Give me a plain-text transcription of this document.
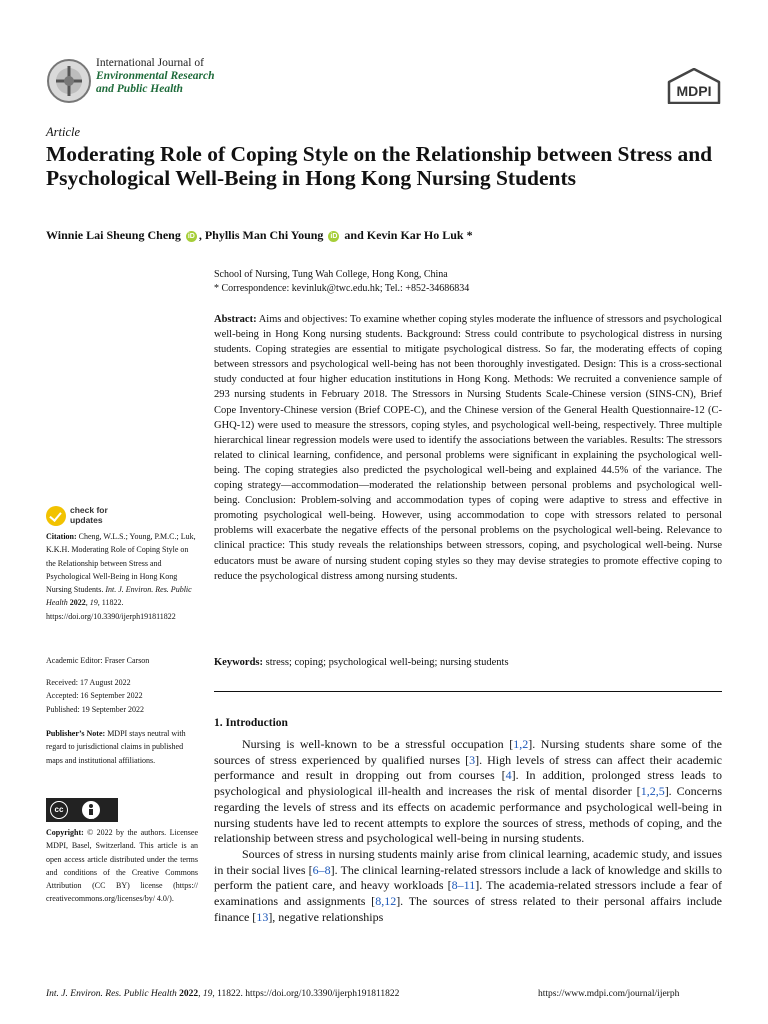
International Journal of
Environmental Research
and Public Health	MDPI
Article
Moderating Role of Coping Style on the Relationship between Stress and Psychological Well-Being in Hong Kong Nursing Students
Winnie Lai Sheung Cheng iD , Phyllis Man Chi Young iD and Kevin Kar Ho Luk *
School of Nursing, Tung Wah College, Hong Kong, China
* Correspondence: kevinluk@twc.edu.hk; Tel.: +852-34686834
Abstract: Aims and objectives: To examine whether coping styles moderate the influence of stressors and psychological well-being in Hong Kong nursing students. Background: Stress could contribute to psychological distress in nursing students. Coping strategies are essential to mitigate psychological distress. So far, the moderating effects of coping between stressors and psychological well-being has not been thoroughly investigated. Design: This is a cross-sectional study conducted at four higher education institutions in Hong Kong. Methods: We recruited a convenience sample of 293 nursing students in February 2018. The Stressors in Nursing Students Scale-Chinese version (SINS-CN), Brief Cope Inventory-Chinese version (Brief COPE-C), and the Chinese version of the General Health Questionnaire-12 (C-GHQ-12) were used to measure the stressors, coping styles, and psychological well-being, respectively. Three multiple hierarchical linear regression models were used to identify the associations between the variables. Results: The stressors related to clinical learning, confidence, and personal problems were significant in explaining the psychological well-being. The coping strategies also predicted the psychological well-being and explained 44.5% of the variance. The coping strategy—accommodation—moderated the relationship between personal problems and psychological well-being. Conclusion: Problem-solving and accommodation types of coping were adaptive to stress and effective in promoting psychological well-being. However, using accommodation to cope with stressors related to personal problems will exacerbate the negative effects of the personal problems on the psychological well-being. Relevance to clinical practice: This study reveals the relationships between stressors, coping, and psychological well-being. Nurse educators must be aware of nursing student coping styles so they may devise strategies to promote effective coping to reduce the psychological distress among nursing students.
Keywords: stress; coping; psychological well-being; nursing students
check for
updates
Citation: Cheng, W.L.S.; Young, P.M.C.; Luk, K.K.H. Moderating Role of Coping Style on the Relationship between Stress and Psychological Well-Being in Hong Kong Nursing Students. Int. J. Environ. Res. Public Health 2022, 19, 11822. https://doi.org/10.3390/ijerph191811822
Academic Editor: Fraser Carson
Received: 17 August 2022
Accepted: 16 September 2022
Published: 19 September 2022
Publisher’s Note: MDPI stays neutral with regard to jurisdictional claims in published maps and institutional affiliations.
cc
BY
Copyright: © 2022 by the authors. Licensee MDPI, Basel, Switzerland. This article is an open access article distributed under the terms and conditions of the Creative Commons Attribution (CC BY) license (https:// creativecommons.org/licenses/by/ 4.0/).
1. Introduction

Nursing is well-known to be a stressful occupation [1,2]. Nursing students share some of the sources of stress experienced by qualified nurses [3]. High levels of stress can affect their academic performance and result in dropping out from courses [4]. In addition, prolonged stress leads to psychological and physiological ill-health and increases the risk of mental disorder [1,2,5]. Concerns regarding the levels of stress and its effects on academic performance and psychological well-being in nursing students have led to recent attempts to explore the sources of stress, methods of coping, and the relationship between stress and psychological well-being in nursing students.

Sources of stress in nursing students mainly arise from clinical learning, academic study, and issues in their social lives [6–8]. The clinical learning-related stressors include a lack of knowledge and skills to perform the patient care, and heavy workloads [8–11]. The academia-related stressors include a fear of examinations and assignments [8,12]. The sources of stress related to their personal affairs include finance [13], negative relationships

Int. J. Environ. Res. Public Health 2022, 19, 11822. https://doi.org/10.3390/ijerph191811822	https://www.mdpi.com/journal/ijerph
